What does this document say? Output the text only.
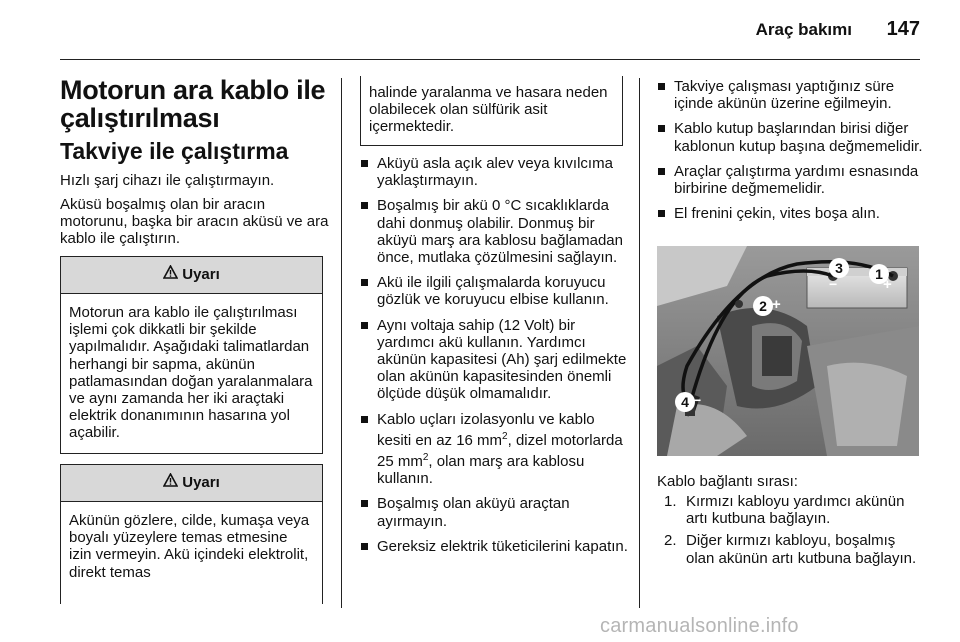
Araç bakımı 147
Motorun ara kablo ile çalıştırılması
Takviye ile çalıştırma
Hızlı şarj cihazı ile çalıştırmayın.
Aküsü boşalmış olan bir aracın motorunu, başka bir aracın aküsü ve ara kablo ile çalıştırın.
Uyarı
Motorun ara kablo ile çalıştırılması işlemi çok dikkatli bir şekilde yapılmalıdır. Aşağıdaki talimatlardan herhangi bir sapma, akünün patlamasından doğan yaralanmalara ve aynı zamanda her iki araçtaki elektrik donanımının hasarına yol açabilir.
Uyarı
Akünün gözlere, cilde, kumaşa veya boyalı yüzeylere temas etmesine izin vermeyin. Akü içindeki elektrolit, direkt temas
halinde yaralanma ve hasara neden olabilecek olan sülfürik asit içermektedir.
Aküyü asla açık alev veya kıvılcıma yaklaştırmayın.
Boşalmış bir akü 0 °C sıcaklıklarda dahi donmuş olabilir. Donmuş bir aküyü marş ara kablosu bağlamadan önce, mutlaka çözülmesini sağlayın.
Akü ile ilgili çalışmalarda koruyucu gözlük ve koruyucu elbise kullanın.
Aynı voltaja sahip (12 Volt) bir yardımcı akü kullanın. Yardımcı akünün kapasitesi (Ah) şarj edilmekte olan akünün kapasitesinden önemli ölçüde düşük olmamalıdır.
Kablo uçları izolasyonlu ve kablo kesiti en az 16 $mm^2$, dizel motorlarda 25 $mm^2$, olan marş ara kablosu kullanın.
Boşalmış olan aküyü araçtan ayırmayın.
Gereksiz elektrik tüketicilerini kapatın.
Takviye çalışması yaptığınız süre içinde akünün üzerine eğilmeyin.
Kablo kutup başlarından birisi diğer kablonun kutup başına değmemelidir.
Araçlar çalıştırma yardımı esnasında birbirine değmemelidir.
El frenini çekin, vites boşa alın.
3
−
1
+
2 +
4 −
Kablo bağlantı sırası:
1. Kırmızı kabloyu yardımcı akünün artı kutbuna bağlayın.
2. Diğer kırmızı kabloyu, boşalmış olan akünün artı kutbuna bağlayın.
carmanualsonline.info
